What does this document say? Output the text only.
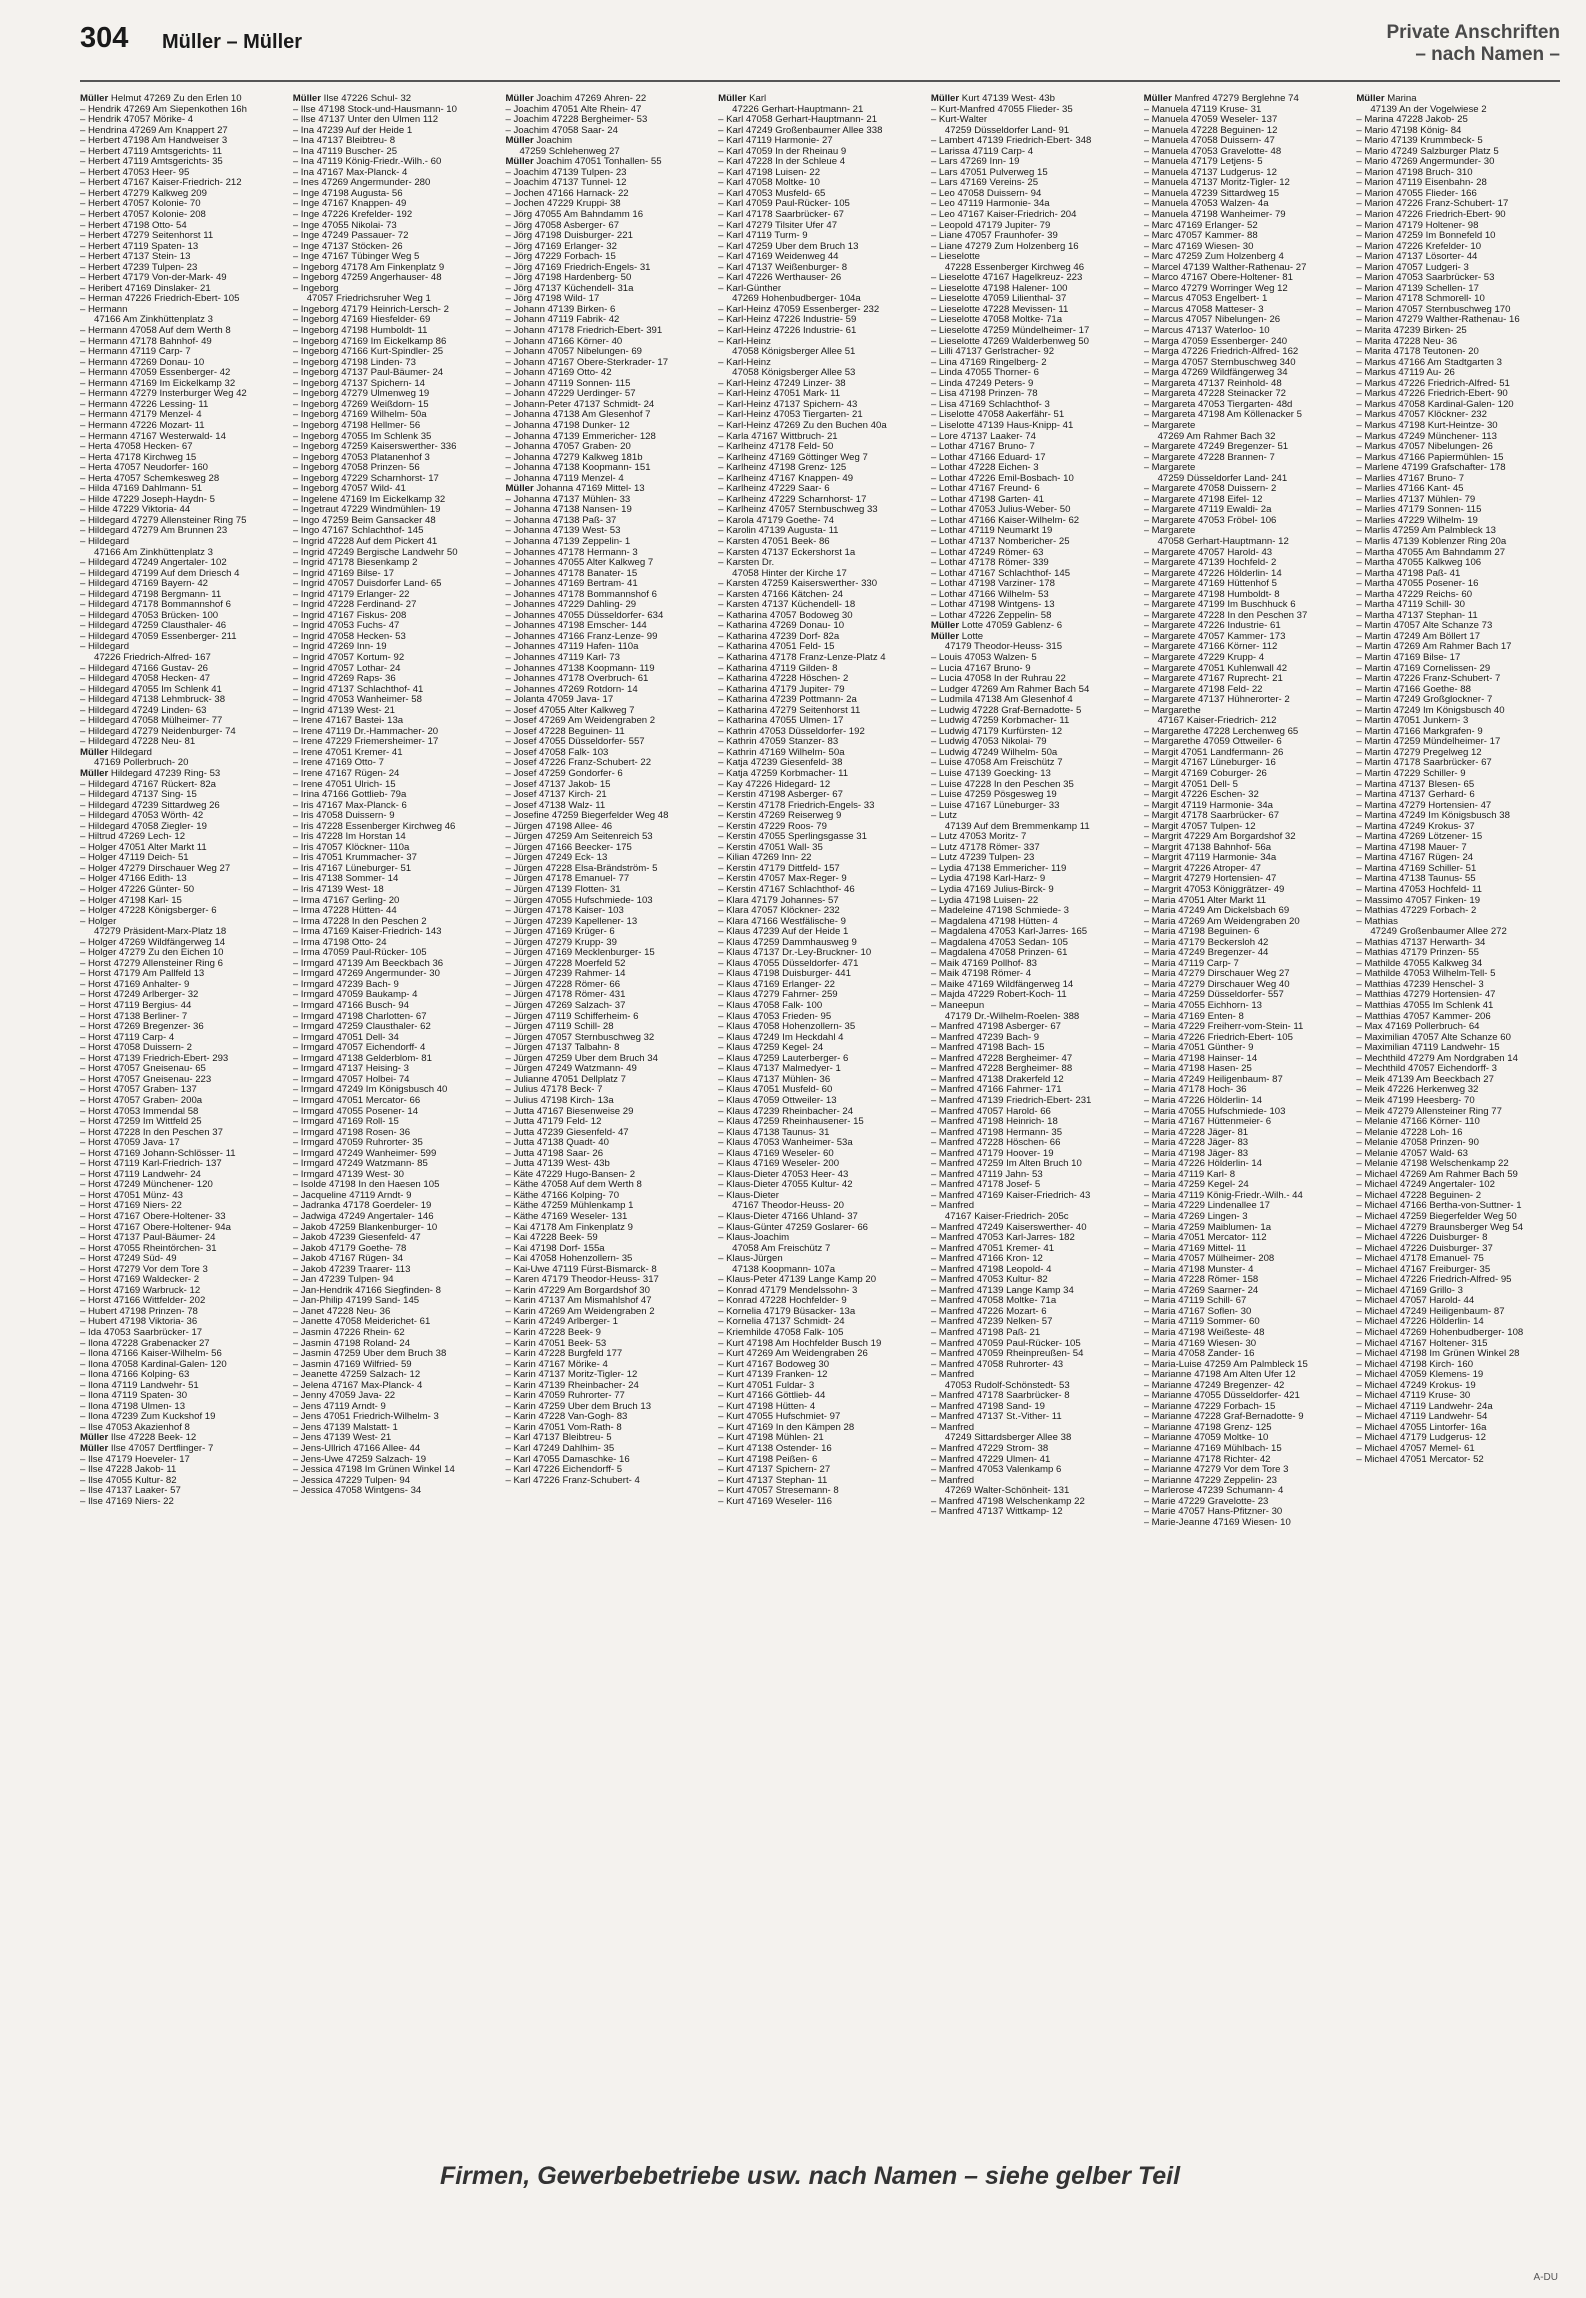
304 Müller – Müller	Private Anschriften
– nach Namen –
Müller Helmut 47269 Zu den Erlen 10
– Hendrik 47269 Am Siepenkothen 16h
– Hendrik 47057 Mörike- 4
– Hendrina 47269 Am Knappert 27
– Herbert 47198 Am Handweiser 3
– Herbert 47119 Amtsgerichts- 11
– Herbert 47119 Amtsgerichts- 35
– Herbert 47053 Heer- 95
– Herbert 47167 Kaiser-Friedrich- 212
– Herbert 47279 Kalkweg 209
– Herbert 47057 Kolonie- 70
– Herbert 47057 Kolonie- 208
– Herbert 47198 Otto- 54
– Herbert 47279 Seitenhorst 11
– Herbert 47119 Spaten- 13
– Herbert 47137 Stein- 13
– Herbert 47239 Tulpen- 23
– Herbert 47179 Von-der-Mark- 49
– Heribert 47169 Dinslaker- 21
– Herman 47226 Friedrich-Ebert- 105
– Hermann
47166 Am Zinkhüttenplatz 3
– Hermann 47058 Auf dem Werth 8
– Hermann 47178 Bahnhof- 49
– Hermann 47119 Carp- 7
– Hermann 47269 Donau- 10
– Hermann 47059 Essenberger- 42
– Hermann 47169 Im Eickelkamp 32
– Hermann 47279 Insterburger Weg 42
– Hermann 47226 Lessing- 11
– Hermann 47179 Menzel- 4
– Hermann 47226 Mozart- 11
– Hermann 47167 Westerwald- 14
– Herta 47058 Hecken- 67
– Herta 47178 Kirchweg 15
– Herta 47057 Neudorfer- 160
– Herta 47057 Schemkesweg 28
– Hilda 47169 Dahlmann- 51
– Hilde 47229 Joseph-Haydn- 5
– Hilde 47229 Viktoria- 44
– Hildegard 47279 Allensteiner Ring 75
– Hildegard 47279 Am Brunnen 23
– Hildegard
47166 Am Zinkhüttenplatz 3
– Hildegard 47249 Angertaler- 102
– Hildegard 47199 Auf dem Driesch 4
– Hildegard 47169 Bayern- 42
– Hildegard 47198 Bergmann- 11
– Hildegard 47178 Bommannshof 6
– Hildegard 47053 Brücken- 100
– Hildegard 47259 Clausthaler- 46
– Hildegard 47059 Essenberger- 211
– Hildegard
47226 Friedrich-Alfred- 167
– Hildegard 47166 Gustav- 26
– Hildegard 47058 Hecken- 47
– Hildegard 47055 Im Schlenk 41
– Hildegard 47138 Lehmbruck- 38
– Hildegard 47249 Linden- 63
– Hildegard 47058 Mülheimer- 77
– Hildegard 47279 Neidenburger- 74
– Hildegard 47228 Neu- 81
Müller Hildegard
47169 Pollerbruch- 20
Müller Hildegard 47239 Ring- 53
– Hildegard 47167 Rückert- 82a
– Hildegard 47137 Sing- 15
– Hildegard 47239 Sittardweg 26
– Hildegard 47053 Wörth- 42
– Hildegard 47058 Ziegler- 19
– Hiltrud 47269 Lech- 12
– Holger 47051 Alter Markt 11
– Holger 47119 Deich- 51
– Holger 47279 Dirschauer Weg 27
– Holger 47166 Edith- 13
– Holger 47226 Günter- 50
– Holger 47198 Karl- 15
– Holger 47228 Königsberger- 6
– Holger
47279 Präsident-Marx-Platz 18
– Holger 47269 Wildfängerweg 14
– Holger 47279 Zu den Eichen 10
– Horst 47279 Allensteiner Ring 6
– Horst 47179 Am Pallfeld 13
– Horst 47169 Anhalter- 9
– Horst 47249 Arlberger- 32
– Horst 47119 Bergius- 44
– Horst 47138 Berliner- 7
– Horst 47269 Bregenzer- 36
– Horst 47119 Carp- 4
– Horst 47058 Duissern- 2
– Horst 47139 Friedrich-Ebert- 293
– Horst 47057 Gneisenau- 65
– Horst 47057 Gneisenau- 223
– Horst 47057 Graben- 137
– Horst 47057 Graben- 200a
– Horst 47053 Immendal 58
– Horst 47259 Im Wittfeld 25
– Horst 47228 In den Peschen 37
– Horst 47059 Java- 17
– Horst 47169 Johann-Schlösser- 11
– Horst 47119 Karl-Friedrich- 137
– Horst 47119 Landwehr- 24
– Horst 47249 Münchener- 120
– Horst 47051 Münz- 43
– Horst 47169 Niers- 22
– Horst 47167 Obere-Holtener- 33
– Horst 47167 Obere-Holtener- 94a
– Horst 47137 Paul-Bäumer- 24
– Horst 47055 Rheintörchen- 31
– Horst 47249 Süd- 49
– Horst 47279 Vor dem Tore 3
– Horst 47169 Waldecker- 2
– Horst 47169 Warbruck- 12
– Horst 47166 Wittfelder- 202
– Hubert 47198 Prinzen- 78
– Hubert 47198 Viktoria- 36
– Ida 47053 Saarbrücker- 17
– Ilona 47228 Grabenacker 27
– Ilona 47166 Kaiser-Wilhelm- 56
– Ilona 47058 Kardinal-Galen- 120
– Ilona 47166 Kolping- 63
– Ilona 47119 Landwehr- 51
– Ilona 47119 Spaten- 30
– Ilona 47198 Ulmen- 13
– Ilona 47239 Zum Kuckshof 19
– Ilse 47053 Akazienhof 8
Müller Ilse 47228 Beek- 12
Müller Ilse 47057 Dertflinger- 7
– Ilse 47179 Hoeveler- 17
– Ilse 47228 Jakob- 11
– Ilse 47055 Kultur- 82
– Ilse 47137 Laaker- 57
– Ilse 47169 Niers- 22
Müller Ilse 47226 Schul- 32
– Ilse 47198 Stock-und-Hausmann- 10
– Ilse 47137 Unter den Ulmen 112
– Ina 47239 Auf der Heide 1
– Ina 47137 Bleibtreu- 8
– Ina 47119 Buscher- 25
– Ina 47119 König-Friedr.-Wilh.- 60
– Ina 47167 Max-Planck- 4
– Ines 47269 Angermunder- 280
– Inge 47198 Augusta- 56
– Inge 47167 Knappen- 49
– Inge 47226 Krefelder- 192
– Inge 47055 Nikolai- 73
– Inge 47249 Passauer- 72
– Inge 47137 Stöcken- 26
– Inge 47167 Tübinger Weg 5
– Ingeborg 47178 Am Finkenplatz 9
– Ingeborg 47259 Angerhauser- 48
– Ingeborg
47057 Friedrichsruher Weg 1
– Ingeborg 47179 Heinrich-Lersch- 2
– Ingeborg 47169 Hiesfelder- 69
– Ingeborg 47198 Humboldt- 11
– Ingeborg 47169 Im Eickelkamp 86
– Ingeborg 47166 Kurt-Spindler- 25
– Ingeborg 47198 Linden- 73
– Ingeborg 47137 Paul-Bäumer- 24
– Ingeborg 47137 Spichern- 14
– Ingeborg 47279 Ulmenweg 19
– Ingeborg 47269 Weißdorn- 15
– Ingeborg 47169 Wilhelm- 50a
– Ingeborg 47198 Hellmer- 56
– Ingeborg 47055 Im Schlenk 35
– Ingeborg 47259 Kaiserswerther- 336
– Ingeborg 47053 Platanenhof 3
– Ingeborg 47058 Prinzen- 56
– Ingeborg 47229 Scharnhorst- 17
– Ingeborg 47057 Wild- 41
– Ingelene 47169 Im Eickelkamp 32
– Ingetraut 47229 Windmühlen- 19
– Ingo 47259 Beim Gansacker 48
– Ingo 47167 Schlachthof- 145
– Ingrid 47228 Auf dem Pickert 41
– Ingrid 47249 Bergische Landwehr 50
– Ingrid 47178 Biesenkamp 2
– Ingrid 47169 Bilse- 17
– Ingrid 47057 Duisdorfer Land- 65
– Ingrid 47179 Erlanger- 22
– Ingrid 47228 Ferdinand- 27
– Ingrid 47167 Fiskus- 208
– Ingrid 47053 Fuchs- 47
– Ingrid 47058 Hecken- 53
– Ingrid 47269 Inn- 19
– Ingrid 47057 Kortum- 92
– Ingrid 47057 Lothar- 24
– Ingrid 47269 Raps- 36
– Ingrid 47137 Schlachthof- 41
– Ingrid 47053 Wanheimer- 58
– Ingrid 47139 West- 21
– Irene 47167 Bastei- 13a
– Irene 47119 Dr.-Hammacher- 20
– Irene 47229 Friemersheimer- 17
– Irene 47051 Kremer- 41
– Irene 47169 Otto- 7
– Irene 47167 Rügen- 24
– Irene 47051 Ulrich- 15
– Irina 47166 Gottlieb- 79a
– Iris 47167 Max-Planck- 6
– Iris 47058 Duissern- 9
– Iris 47228 Essenberger Kirchweg 46
– Iris 47228 Im Horstan 14
– Iris 47057 Klöckner- 110a
– Iris 47051 Krummacher- 37
– Iris 47167 Lüneburger- 51
– Iris 47138 Sommer- 14
– Iris 47139 West- 18
– Irma 47167 Gerling- 20
– Irma 47228 Hütten- 44
– Irma 47228 In den Peschen 2
– Irma 47169 Kaiser-Friedrich- 143
– Irma 47198 Otto- 24
– Irma 47059 Paul-Rücker- 105
– Irmgard 47139 Am Beeckbach 36
– Irmgard 47269 Angermunder- 30
– Irmgard 47239 Bach- 9
– Irmgard 47059 Baukamp- 4
– Irmgard 47166 Busch- 94
– Irmgard 47198 Charlotten- 67
– Irmgard 47259 Clausthaler- 62
– Irmgard 47051 Dell- 34
– Irmgard 47057 Eichendorff- 4
– Irmgard 47138 Gelderblom- 81
– Irmgard 47137 Heising- 3
– Irmgard 47057 Holbei- 74
– Irmgard 47249 Im Königsbusch 40
– Irmgard 47051 Mercator- 66
– Irmgard 47055 Posener- 14
– Irmgard 47169 Roll- 15
– Irmgard 47198 Rosen- 36
– Irmgard 47059 Ruhrorter- 35
– Irmgard 47249 Wanheimer- 599
– Irmgard 47249 Watzmann- 85
– Irmgard 47139 West- 30
– Isolde 47198 In den Haesen 105
– Jacqueline 47119 Arndt- 9
– Jadranka 47178 Goerdeler- 19
– Jadwiga 47249 Angertaler- 146
– Jakob 47259 Blankenburger- 10
– Jakob 47239 Giesenfeld- 47
– Jakob 47179 Goethe- 78
– Jakob 47167 Rügen- 34
– Jakob 47239 Traarer- 113
– Jan 47239 Tulpen- 94
– Jan-Hendrik 47166 Siegfinden- 8
– Jan-Philip 47199 Sand- 145
– Janet 47228 Neu- 36
– Janette 47058 Meiderichet- 61
– Jasmin 47226 Rhein- 62
– Jasmin 47198 Roland- 24
– Jasmin 47259 Über dem Bruch 38
– Jasmin 47169 Wilfried- 59
– Jeanette 47259 Salzach- 12
– Jelena 47167 Max-Planck- 4
– Jenny 47059 Java- 22
– Jens 47119 Arndt- 9
– Jens 47051 Friedrich-Wilhelm- 3
– Jens 47139 Malstatt- 1
– Jens 47139 West- 21
– Jens-Ullrich 47166 Allee- 44
– Jens-Uwe 47259 Salzach- 19
– Jessica 47198 Im Grünen Winkel 14
– Jessica 47229 Tulpen- 94
– Jessica 47058 Wintgens- 34
Müller Joachim 47269 Ähren- 22
– Joachim 47051 Alte Rhein- 47
– Joachim 47228 Bergheimer- 53
– Joachim 47058 Saar- 24
Müller Joachim
47259 Schlehenweg 27
Müller Joachim 47051 Tonhallen- 55
– Joachim 47139 Tulpen- 23
– Joachim 47137 Tunnel- 12
– Jochen 47166 Harnack- 22
– Jochen 47229 Kruppi- 38
– Jörg 47055 Am Bahndamm 16
– Jörg 47058 Asberger- 67
– Jörg 47198 Duisburger- 221
– Jörg 47169 Erlanger- 32
– Jörg 47229 Forbach- 15
– Jörg 47169 Friedrich-Engels- 31
– Jörg 47198 Hardenberg- 50
– Jörg 47137 Küchendell- 31a
– Jörg 47198 Wild- 17
– Johann 47139 Birken- 6
– Johann 47119 Fabrik- 42
– Johann 47178 Friedrich-Ebert- 391
– Johann 47166 Körner- 40
– Johann 47057 Nibelungen- 69
– Johann 47167 Obere-Sterkrader- 17
– Johann 47169 Otto- 42
– Johann 47119 Sonnen- 115
– Johann 47229 Uerdinger- 57
– Johann-Peter 47137 Schmidt- 24
– Johanna 47138 Am Glesenhof 7
– Johanna 47198 Dunker- 12
– Johanna 47139 Emmericher- 128
– Johanna 47057 Graben- 20
– Johanna 47279 Kalkweg 181b
– Johanna 47138 Koopmann- 151
– Johanna 47119 Menzel- 4
Müller Johanna 47169 Mittel- 13
– Johanna 47137 Mühlen- 33
– Johanna 47138 Nansen- 19
– Johanna 47138 Paß- 37
– Johanna 47139 West- 53
– Johanna 47139 Zeppelin- 1
– Johannes 47178 Hermann- 3
– Johannes 47055 Alter Kalkweg 7
– Johannes 47178 Banater- 15
– Johannes 47169 Bertram- 41
– Johannes 47178 Bommannshof 6
– Johannes 47229 Dahling- 29
– Johannes 47055 Düsseldorfer- 634
– Johannes 47198 Emscher- 144
– Johannes 47166 Franz-Lenze- 99
– Johannes 47119 Hafen- 110a
– Johannes 47119 Karl- 73
– Johannes 47138 Koopmann- 119
– Johannes 47178 Overbruch- 61
– Johannes 47269 Rotdorn- 14
– Jolanta 47059 Java- 17
– Josef 47055 Alter Kalkweg 7
– Josef 47269 Am Weidengraben 2
– Josef 47228 Beguinen- 11
– Josef 47055 Düsseldorfer- 557
– Josef 47058 Falk- 103
– Josef 47226 Franz-Schubert- 22
– Josef 47259 Gondorfer- 6
– Josef 47137 Jakob- 15
– Josef 47137 Kirch- 21
– Josef 47138 Walz- 11
– Josefine 47259 Biegerfelder Weg 48
– Jürgen 47198 Allee- 46
– Jürgen 47259 Am Seitenreich 53
– Jürgen 47166 Beecker- 175
– Jürgen 47249 Eck- 13
– Jürgen 47228 Elsa-Brändström- 5
– Jürgen 47178 Emanuel- 77
– Jürgen 47139 Flotten- 31
– Jürgen 47055 Hufschmiede- 103
– Jürgen 47178 Kaiser- 103
– Jürgen 47239 Kapellener- 13
– Jürgen 47169 Krüger- 6
– Jürgen 47279 Krupp- 39
– Jürgen 47169 Mecklenburger- 15
– Jürgen 47228 Moerfeld 52
– Jürgen 47239 Rahmer- 14
– Jürgen 47228 Römer- 66
– Jürgen 47178 Römer- 431
– Jürgen 47269 Salzach- 37
– Jürgen 47119 Schifferheim- 6
– Jürgen 47119 Schill- 28
– Jürgen 47057 Sternbuschweg 32
– Jürgen 47137 Talbahn- 8
– Jürgen 47259 Über dem Bruch 34
– Jürgen 47249 Watzmann- 49
– Julianne 47051 Dellplatz 7
– Julius 47178 Beck- 7
– Julius 47198 Kirch- 13a
– Jutta 47167 Biesenweise 29
– Jutta 47179 Feld- 12
– Jutta 47239 Giesenfeld- 47
– Jutta 47138 Quadt- 40
– Jutta 47198 Saar- 26
– Jutta 47139 West- 43b
– Käte 47229 Hugo-Bansen- 2
– Käthe 47058 Auf dem Werth 8
– Käthe 47166 Kolping- 70
– Käthe 47259 Mühlenkamp 1
– Käthe 47169 Weseler- 131
– Kai 47178 Am Finkenplatz 9
– Kai 47228 Beek- 59
– Kai 47198 Dorf- 155a
– Kai 47058 Hohenzollern- 35
– Kai-Uwe 47119 Fürst-Bismarck- 8
– Karen 47179 Theodor-Heuss- 317
– Karin 47229 Am Borgardshof 30
– Karin 47137 Am Mismahlshof 47
– Karin 47269 Am Weidengraben 2
– Karin 47249 Arlberger- 1
– Karin 47228 Beek- 9
– Karin 47051 Beek- 53
– Karin 47228 Burgfeld 177
– Karin 47167 Mörike- 4
– Karin 47137 Moritz-Tigler- 12
– Karin 47139 Rheinbacher- 24
– Karin 47059 Ruhrorter- 77
– Karin 47259 Über dem Bruch 13
– Karin 47228 Van-Gogh- 83
– Karin 47051 Vom-Rath- 8
– Karl 47137 Bleibtreu- 5
– Karl 47249 Dahlhim- 35
– Karl 47055 Damaschke- 16
– Karl 47226 Eichendorff- 5
– Karl 47226 Franz-Schubert- 4
Müller Karl
47226 Gerhart-Hauptmann- 21
– Karl 47058 Gerhart-Hauptmann- 21
– Karl 47249 Großenbaumer Allee 338
– Karl 47119 Harmonie- 27
– Karl 47059 In der Rheinau 9
– Karl 47228 In der Schleue 4
– Karl 47198 Luisen- 22
– Karl 47058 Moltke- 10
– Karl 47053 Musfeld- 65
– Karl 47059 Paul-Rücker- 105
– Karl 47178 Saarbrücker- 67
– Karl 47279 Tilsiter Ufer 47
– Karl 47119 Turm- 9
– Karl 47259 Über dem Bruch 13
– Karl 47169 Weidenweg 44
– Karl 47137 Weißenburger- 8
– Karl 47226 Werthauser- 26
– Karl-Günther
47269 Hohenbudberger- 104a
– Karl-Heinz 47059 Essenberger- 232
– Karl-Heinz 47226 Industrie- 59
– Karl-Heinz 47226 Industrie- 61
– Karl-Heinz
47058 Königsberger Allee 51
– Karl-Heinz
47058 Königsberger Allee 53
– Karl-Heinz 47249 Linzer- 38
– Karl-Heinz 47051 Mark- 11
– Karl-Heinz 47137 Spichern- 43
– Karl-Heinz 47053 Tiergarten- 21
– Karl-Heinz 47269 Zu den Buchen 40a
– Karla 47167 Wittbruch- 21
– Karlheinz 47178 Feld- 50
– Karlheinz 47169 Göttinger Weg 7
– Karlheinz 47198 Grenz- 125
– Karlheinz 47167 Knappen- 49
– Karlheinz 47229 Saar- 6
– Karlheinz 47229 Scharnhorst- 17
– Karlheinz 47057 Sternbuschweg 33
– Karola 47179 Goethe- 74
– Karolin 47139 Augusta- 11
– Karsten 47051 Beek- 86
– Karsten 47137 Eckershorst 1a
– Karsten Dr.
47058 Hinter der Kirche 17
– Karsten 47259 Kaiserswerther- 330
– Karsten 47166 Kätchen- 24
– Karsten 47137 Küchendell- 18
– Katharina 47057 Bodoweg 30
– Katharina 47269 Donau- 10
– Katharina 47239 Dorf- 82a
– Katharina 47051 Feld- 15
– Katharina 47178 Franz-Lenze-Platz 4
– Katharina 47119 Gilden- 8
– Katharina 47228 Höschen- 2
– Katharina 47179 Jupiter- 79
– Katharina 47239 Pottmann- 2a
– Katharina 47279 Seitenhorst 11
– Katharina 47055 Ulmen- 17
– Kathrin 47053 Düsseldorfer- 192
– Kathrin 47059 Stanzer- 83
– Kathrin 47169 Wilhelm- 50a
– Katja 47239 Giesenfeld- 38
– Katja 47259 Korbmacher- 11
– Kay 47226 Hidegard- 12
– Kerstin 47198 Asberger- 67
– Kerstin 47178 Friedrich-Engels- 33
– Kerstin 47269 Reiserweg 9
– Kerstin 47229 Roos- 79
– Kerstin 47055 Sperlingsgasse 31
– Kerstin 47051 Wall- 35
– Kilian 47269 Inn- 22
– Kerstin 47179 Dittfeld- 157
– Kerstin 47057 Max-Reger- 9
– Kerstin 47167 Schlachthof- 46
– Klara 47179 Johannes- 57
– Klara 47057 Klöckner- 232
– Klara 47166 Westfälische- 9
– Klaus 47239 Auf der Heide 1
– Klaus 47259 Dammhausweg 9
– Klaus 47137 Dr.-Ley-Bruckner- 10
– Klaus 47055 Düsseldorfer- 471
– Klaus 47198 Duisburger- 441
– Klaus 47169 Erlanger- 22
– Klaus 47279 Fahrner- 259
– Klaus 47058 Falk- 100
– Klaus 47053 Frieden- 95
– Klaus 47058 Hohenzollern- 35
– Klaus 47249 Im Heckdahl 4
– Klaus 47259 Kegel- 24
– Klaus 47259 Lauterberger- 6
– Klaus 47137 Malmedyer- 1
– Klaus 47137 Mühlen- 36
– Klaus 47051 Musfeld- 60
– Klaus 47059 Ottweiler- 13
– Klaus 47239 Rheinbacher- 24
– Klaus 47259 Rheinhausener- 15
– Klaus 47138 Taunus- 31
– Klaus 47053 Wanheimer- 53a
– Klaus 47169 Weseler- 60
– Klaus 47169 Weseler- 200
– Klaus-Dieter 47053 Heer- 43
– Klaus-Dieter 47055 Kultur- 42
– Klaus-Dieter
47167 Theodor-Heuss- 20
– Klaus-Dieter 47166 Uhland- 37
– Klaus-Günter 47259 Goslarer- 66
– Klaus-Joachim
47058 Am Freischütz 7
– Klaus-Jürgen
47138 Koopmann- 107a
– Klaus-Peter 47139 Lange Kamp 20
– Konrad 47179 Mendelssohn- 3
– Konrad 47228 Hochfelder- 9
– Kornelia 47179 Büsacker- 13a
– Kornelia 47137 Schmidt- 24
– Kriemhilde 47058 Falk- 105
– Kurt 47198 Am Hochfelder Busch 19
– Kurt 47269 Am Weidengraben 26
– Kurt 47167 Bodoweg 30
– Kurt 47139 Franken- 12
– Kurt 47051 Fuldar- 3
– Kurt 47166 Göttlieb- 44
– Kurt 47198 Hütten- 4
– Kurt 47055 Hufschmiet- 97
– Kurt 47169 In den Kämpen 28
– Kurt 47198 Mühlen- 21
– Kurt 47138 Ostender- 16
– Kurt 47198 Peißen- 6
– Kurt 47137 Spichern- 27
– Kurt 47137 Stephan- 11
– Kurt 47057 Stresemann- 8
– Kurt 47169 Weseler- 116
Müller Kurt 47139 West- 43b
– Kurt-Manfred 47055 Flieder- 35
– Kurt-Walter
47259 Düsseldorfer Land- 91
– Lambert 47139 Friedrich-Ebert- 348
– Larissa 47119 Carp- 4
– Lars 47269 Inn- 19
– Lars 47051 Pulverweg 15
– Lars 47169 Vereins- 25
– Leo 47058 Duissern- 94
– Leo 47119 Harmonie- 34a
– Leo 47167 Kaiser-Friedrich- 204
– Leopold 47179 Jupiter- 79
– Liane 47057 Fraunhofer- 39
– Liane 47279 Zum Holzenberg 16
– Lieselotte
47228 Essenberger Kirchweg 46
– Lieselotte 47167 Hagelkreuz- 223
– Lieselotte 47198 Halener- 100
– Lieselotte 47059 Lilienthal- 37
– Lieselotte 47228 Mevissen- 11
– Lieselotte 47058 Moltke- 71a
– Lieselotte 47259 Mündelheimer- 17
– Lieselotte 47269 Walderbenweg 50
– Lilli 47137 Gerlstracher- 92
– Lina 47169 Ringelberg- 2
– Linda 47055 Thorner- 6
– Linda 47249 Peters- 9
– Lisa 47198 Prinzen- 78
– Lisa 47169 Schlachthof- 3
– Liselotte 47058 Aakerfähr- 51
– Liselotte 47139 Haus-Knipp- 41
– Lore 47137 Laaker- 74
– Lothar 47167 Bruno- 7
– Lothar 47166 Eduard- 17
– Lothar 47228 Eichen- 3
– Lothar 47226 Emil-Bosbach- 10
– Lothar 47167 Freund- 6
– Lothar 47198 Garten- 41
– Lothar 47053 Julius-Weber- 50
– Lothar 47166 Kaiser-Wilhelm- 62
– Lothar 47119 Neumarkt 19
– Lothar 47137 Nombericher- 25
– Lothar 47249 Römer- 63
– Lothar 47178 Römer- 339
– Lothar 47167 Schlachthof- 145
– Lothar 47198 Varziner- 178
– Lothar 47166 Wilhelm- 53
– Lothar 47198 Wintgens- 13
– Lothar 47226 Zeppelin- 58
Müller Lotte 47059 Gablenz- 6
Müller Lotte
47179 Theodor-Heuss- 315
– Louis 47053 Walzen- 5
– Lucia 47167 Bruno- 9
– Lucia 47058 In der Ruhrau 22
– Ludger 47269 Am Rahmer Bach 54
– Ludmila 47138 Am Glesenhof 4
– Ludwig 47228 Graf-Bernadotte- 5
– Ludwig 47259 Korbmacher- 11
– Ludwig 47179 Kurfürsten- 12
– Ludwig 47053 Nikolai- 79
– Ludwig 47249 Wilhelm- 50a
– Luise 47058 Am Freischütz 7
– Luise 47139 Goecking- 13
– Luise 47228 In den Peschen 35
– Luise 47259 Pösgesweg 19
– Luise 47167 Lüneburger- 33
– Lutz
47139 Auf dem Bremmenkamp 11
– Lutz 47053 Moritz- 7
– Lutz 47178 Römer- 337
– Lutz 47239 Tulpen- 23
– Lydia 47138 Emmericher- 119
– Lydia 47198 Karl-Harz- 9
– Lydia 47169 Julius-Birck- 9
– Lydia 47198 Luisen- 22
– Madeleine 47198 Schmiede- 3
– Magdalena 47198 Hütten- 4
– Magdalena 47053 Karl-Jarres- 165
– Magdalena 47053 Sedan- 105
– Magdalena 47058 Prinzen- 61
– Maik 47169 Pollhof- 83
– Maik 47198 Römer- 4
– Maike 47169 Wildfängerweg 14
– Majda 47229 Robert-Koch- 11
– Maneepun
47179 Dr.-Wilhelm-Roelen- 388
– Manfred 47198 Asberger- 67
– Manfred 47239 Bach- 9
– Manfred 47198 Bach- 15
– Manfred 47228 Bergheimer- 47
– Manfred 47228 Bergheimer- 88
– Manfred 47138 Drakerfeld 12
– Manfred 47166 Fahrner- 171
– Manfred 47139 Friedrich-Ebert- 231
– Manfred 47057 Harold- 66
– Manfred 47198 Heinrich- 18
– Manfred 47198 Hermann- 35
– Manfred 47228 Höschen- 66
– Manfred 47179 Hoover- 19
– Manfred 47259 Im Alten Bruch 10
– Manfred 47119 Jahn- 53
– Manfred 47178 Josef- 5
– Manfred 47169 Kaiser-Friedrich- 43
– Manfred
47167 Kaiser-Friedrich- 205c
– Manfred 47249 Kaiserswerther- 40
– Manfred 47053 Karl-Jarres- 182
– Manfred 47051 Kremer- 41
– Manfred 47166 Kron- 12
– Manfred 47198 Leopold- 4
– Manfred 47053 Kultur- 82
– Manfred 47139 Lange Kamp 34
– Manfred 47058 Moltke- 71a
– Manfred 47226 Mozart- 6
– Manfred 47239 Nelken- 57
– Manfred 47198 Paß- 21
– Manfred 47059 Paul-Rücker- 105
– Manfred 47059 Rheinpreußen- 54
– Manfred 47058 Ruhrorter- 43
– Manfred
47053 Rudolf-Schönstedt- 53
– Manfred 47178 Saarbrücker- 8
– Manfred 47198 Sand- 19
– Manfred 47137 St.-Vither- 11
– Manfred
47249 Sittardsberger Allee 38
– Manfred 47229 Strom- 38
– Manfred 47229 Ulmen- 41
– Manfred 47053 Valenkamp 6
– Manfred
47269 Walter-Schönheit- 131
– Manfred 47198 Welschenkamp 22
– Manfred 47137 Wittkamp- 12
Müller Manfred 47279 Berglehne 74
– Manuela 47119 Kruse- 31
– Manuela 47059 Weseler- 137
– Manuela 47228 Beguinen- 12
– Manuela 47058 Duissern- 47
– Manuela 47053 Gravelotte- 48
– Manuela 47179 Letjens- 5
– Manuela 47137 Ludgerus- 12
– Manuela 47137 Moritz-Tigler- 12
– Manuela 47239 Sittardweg 15
– Manuela 47053 Walzen- 4a
– Manuela 47198 Wanheimer- 79
– Marc 47169 Erlanger- 52
– Marc 47057 Kammer- 88
– Marc 47169 Wiesen- 30
– Marc 47259 Zum Holzenberg 4
– Marcel 47139 Walther-Rathenau- 27
– Marco 47167 Obere-Holtener- 81
– Marco 47279 Worringer Weg 12
– Marcus 47053 Engelbert- 1
– Marcus 47058 Matteser- 3
– Marcus 47057 Nibelungen- 26
– Marcus 47137 Waterloo- 10
– Marga 47059 Essenberger- 240
– Marga 47226 Friedrich-Alfred- 162
– Marga 47057 Sternbuschweg 340
– Marga 47269 Wildfängerweg 34
– Margareta 47137 Reinhold- 48
– Margareta 47228 Steinacker 72
– Margareta 47053 Tiergarten- 48d
– Margareta 47198 Am Köllenacker 5
– Margarete
47269 Am Rahmer Bach 32
– Margarete 47249 Bregenzer- 51
– Margarete 47228 Brannen- 7
– Margarete
47259 Düsseldorfer Land- 241
– Margarete 47058 Duissern- 2
– Margarete 47198 Eifel- 12
– Margarete 47119 Ewaldi- 2a
– Margarete 47053 Fröbel- 106
– Margarete
47058 Gerhart-Hauptmann- 12
– Margarete 47057 Harold- 43
– Margarete 47139 Hochfeld- 2
– Margarete 47226 Hölderlin- 14
– Margarete 47169 Hüttenhof 5
– Margarete 47198 Humboldt- 8
– Margarete 47199 Im Buschhuck 6
– Margarete 47228 In den Peschen 37
– Margarete 47226 Industrie- 61
– Margarete 47057 Kammer- 173
– Margarete 47166 Körner- 112
– Margarete 47229 Krupp- 4
– Margarete 47051 Kuhlenwall 42
– Margarete 47167 Ruprecht- 21
– Margarete 47198 Feld- 22
– Margarete 47137 Hühnerorter- 2
– Margarethe
47167 Kaiser-Friedrich- 212
– Margarethe 47228 Lerchenweg 65
– Margarethe 47059 Ottweiler- 6
– Margit 47051 Landfermann- 26
– Margit 47167 Lüneburger- 16
– Margit 47169 Coburger- 26
– Margit 47051 Dell- 5
– Margit 47226 Eschen- 32
– Margit 47119 Harmonie- 34a
– Margit 47178 Saarbrücker- 67
– Margit 47057 Tulpen- 12
– Margrit 47229 Am Borgardshof 32
– Margrit 47138 Bahnhof- 56a
– Margrit 47119 Harmonie- 34a
– Margrit 47226 Atroper- 47
– Margrit 47279 Hortensien- 47
– Margrit 47053 Königgrätzer- 49
– Maria 47051 Alter Markt 11
– Maria 47249 Am Dickelsbach 69
– Maria 47269 Am Weidengraben 20
– Maria 47198 Beguinen- 6
– Maria 47179 Beckersloh 42
– Maria 47249 Bregenzer- 44
– Maria 47119 Carp- 7
– Maria 47279 Dirschauer Weg 27
– Maria 47279 Dirschauer Weg 40
– Maria 47259 Düsseldorfer- 557
– Maria 47055 Eichhorn- 13
– Maria 47169 Enten- 8
– Maria 47229 Freiherr-vom-Stein- 11
– Maria 47226 Friedrich-Ebert- 105
– Maria 47051 Günther- 9
– Maria 47198 Hainser- 14
– Maria 47198 Hasen- 25
– Maria 47249 Heiligenbaum- 87
– Maria 47178 Hoch- 36
– Maria 47226 Hölderlin- 14
– Maria 47055 Hufschmiede- 103
– Maria 47167 Hüttenmeier- 6
– Maria 47228 Jäger- 81
– Maria 47228 Jäger- 83
– Maria 47198 Jäger- 83
– Maria 47226 Hölderlin- 14
– Maria 47119 Karl- 8
– Maria 47259 Kegel- 24
– Maria 47119 König-Friedr.-Wilh.- 44
– Maria 47229 Lindenallee 17
– Maria 47269 Lingen- 3
– Maria 47259 Maiblumen- 1a
– Maria 47051 Mercator- 112
– Maria 47169 Mittel- 11
– Maria 47057 Mülheimer- 208
– Maria 47198 Munster- 4
– Maria 47228 Römer- 158
– Maria 47269 Saarner- 24
– Maria 47119 Schill- 67
– Maria 47167 Soflen- 30
– Maria 47119 Sommer- 60
– Maria 47198 Weißeste- 48
– Maria 47169 Wiesen- 30
– Maria 47058 Zander- 16
– Maria-Luise 47259 Am Palmbleck 15
– Marianne 47198 Am Alten Ufer 12
– Marianne 47249 Bregenzer- 42
– Marianne 47055 Düsseldorfer- 421
– Marianne 47229 Forbach- 15
– Marianne 47228 Graf-Bernadotte- 9
– Marianne 47198 Grenz- 125
– Marianne 47059 Moltke- 10
– Marianne 47169 Mühlbach- 15
– Marianne 47178 Richter- 42
– Marianne 47279 Vor dem Tore 3
– Marianne 47229 Zeppelin- 23
– Marlerose 47239 Schumann- 4
– Marie 47229 Gravelotte- 23
– Marie 47057 Hans-Pfitzner- 30
– Marie-Jeanne 47169 Wiesen- 10
Müller Marina
47139 An der Vogelwiese 2
– Marina 47228 Jakob- 25
– Mario 47198 König- 84
– Mario 47139 Krummbeck- 5
– Mario 47249 Salzburger Platz 5
– Mario 47269 Angermunder- 30
– Marion 47198 Bruch- 310
– Marion 47119 Eisenbahn- 28
– Marion 47055 Flieder- 166
– Marion 47226 Franz-Schubert- 17
– Marion 47226 Friedrich-Ebert- 90
– Marion 47179 Holtener- 98
– Marion 47259 Im Bonnefeld 10
– Marion 47226 Krefelder- 10
– Marion 47137 Lösorter- 44
– Marion 47057 Ludgeri- 3
– Marion 47053 Saarbrücker- 53
– Marion 47139 Schellen- 17
– Marion 47178 Schmorell- 10
– Marion 47057 Sternbuschweg 170
– Marion 47279 Walther-Rathenau- 16
– Marita 47239 Birken- 25
– Marita 47228 Neu- 36
– Marita 47178 Teutonen- 20
– Markus 47166 Am Stadtgarten 3
– Markus 47119 Au- 26
– Markus 47226 Friedrich-Alfred- 51
– Markus 47226 Friedrich-Ebert- 90
– Markus 47058 Kardinal-Galen- 120
– Markus 47057 Klöckner- 232
– Markus 47198 Kurt-Heintze- 30
– Markus 47249 Münchener- 113
– Markus 47057 Nibelungen- 26
– Markus 47166 Papiermühlen- 15
– Marlene 47199 Grafschafter- 178
– Marlies 47167 Bruno- 7
– Marlies 47166 Kant- 45
– Marlies 47137 Mühlen- 79
– Marlies 47179 Sonnen- 115
– Marlies 47229 Wilhelm- 19
– Marlis 47259 Am Palmbleck 13
– Marlis 47139 Koblenzer Ring 20a
– Martha 47055 Am Bahndamm 27
– Martha 47055 Kalkweg 106
– Martha 47198 Paß- 41
– Martha 47055 Posener- 16
– Martha 47229 Reichs- 60
– Martha 47119 Schill- 30
– Martha 47137 Stephan- 11
– Martin 47057 Alte Schanze 73
– Martin 47249 Am Böllert 17
– Martin 47269 Am Rahmer Bach 17
– Martin 47169 Bilse- 17
– Martin 47169 Cornelissen- 29
– Martin 47226 Franz-Schubert- 7
– Martin 47166 Goethe- 88
– Martin 47249 Großglockner- 7
– Martin 47249 Im Königsbusch 40
– Martin 47051 Junkern- 3
– Martin 47166 Markgrafen- 9
– Martin 47259 Mündelheimer- 17
– Martin 47279 Pregelweg 12
– Martin 47178 Saarbrücker- 67
– Martin 47229 Schiller- 9
– Martina 47137 Blesen- 65
– Martina 47137 Gerhard- 6
– Martina 47279 Hortensien- 47
– Martina 47249 Im Königsbusch 38
– Martina 47249 Krokus- 37
– Martina 47269 Lötzener- 15
– Martina 47198 Mauer- 7
– Martina 47167 Rügen- 24
– Martina 47169 Schiller- 51
– Martina 47138 Taunus- 55
– Martina 47053 Hochfeld- 11
– Massimo 47057 Finken- 19
– Mathias 47229 Forbach- 2
– Mathias
47249 Großenbaumer Allee 272
– Mathias 47137 Herwarth- 34
– Mathias 47179 Prinzen- 55
– Mathilde 47055 Kalkweg 34
– Mathilde 47053 Wilhelm-Tell- 5
– Matthias 47239 Henschel- 3
– Matthias 47279 Hortensien- 47
– Matthias 47055 Im Schlenk 41
– Matthias 47057 Kammer- 206
– Max 47169 Pollerbruch- 64
– Maximilian 47057 Alte Schanze 60
– Maximilian 47119 Landwehr- 15
– Mechthild 47279 Am Nordgraben 14
– Mechthild 47057 Eichendorff- 3
– Meik 47139 Am Beeckbach 27
– Meik 47226 Herkenweg 32
– Meik 47199 Heesberg- 70
– Meik 47279 Allensteiner Ring 77
– Melanie 47166 Körner- 110
– Melanie 47228 Loh- 16
– Melanie 47058 Prinzen- 90
– Melanie 47057 Wald- 63
– Melanie 47198 Welschenkamp 22
– Michael 47269 Am Rahmer Bach 59
– Michael 47249 Angertaler- 102
– Michael 47228 Beguinen- 2
– Michael 47166 Bertha-von-Suttner- 1
– Michael 47259 Biegerfelder Weg 50
– Michael 47279 Braunsberger Weg 54
– Michael 47226 Duisburger- 8
– Michael 47226 Duisburger- 37
– Michael 47178 Emanuel- 75
– Michael 47167 Freiburger- 35
– Michael 47226 Friedrich-Alfred- 95
– Michael 47169 Grillo- 3
– Michael 47057 Harold- 44
– Michael 47249 Heiligenbaum- 87
– Michael 47226 Hölderlin- 14
– Michael 47269 Hohenbudberger- 108
– Michael 47167 Holtener- 315
– Michael 47198 Im Grünen Winkel 28
– Michael 47198 Kirch- 160
– Michael 47059 Klemens- 19
– Michael 47249 Krokus- 19
– Michael 47119 Kruse- 30
– Michael 47119 Landwehr- 24a
– Michael 47119 Landwehr- 54
– Michael 47055 Lintorfer- 16a
– Michael 47179 Ludgerus- 12
– Michael 47057 Memel- 61
– Michael 47051 Mercator- 52
Firmen, Gewerbebetriebe usw. nach Namen – siehe gelber Teil
A-DU
